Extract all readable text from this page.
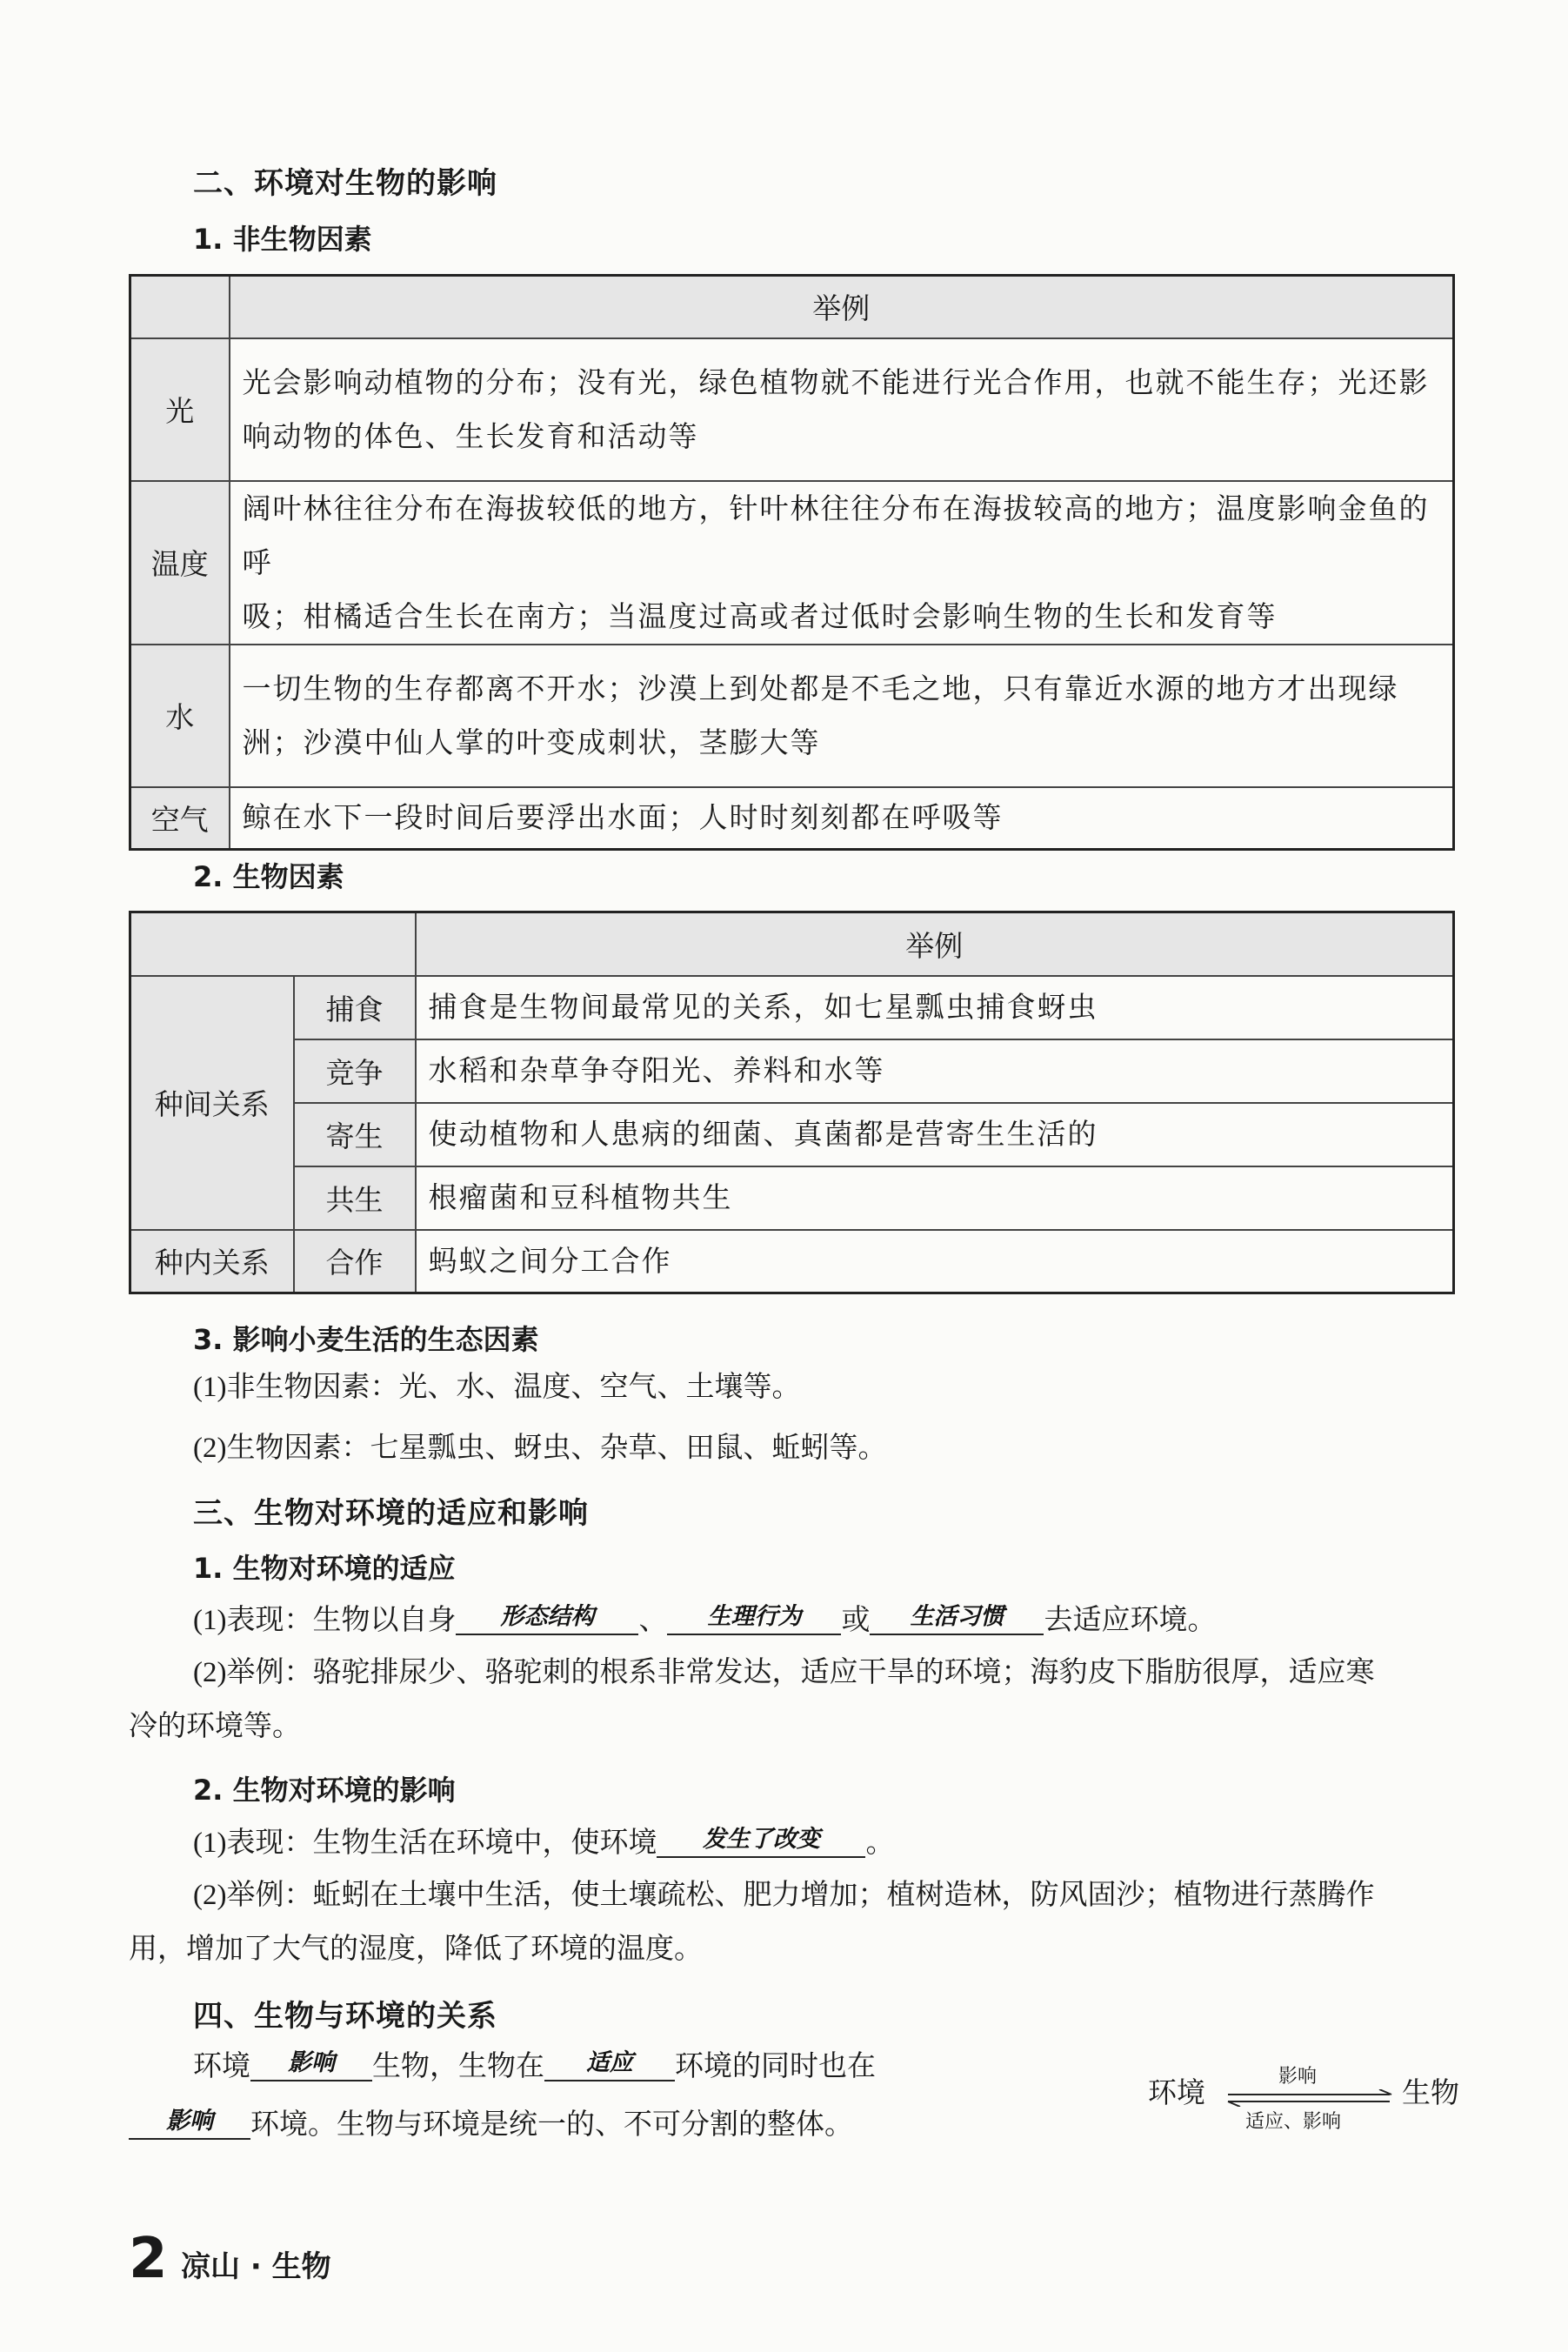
二、环境对生物的影响
1. 非生物因素
	举例
光	光会影响动植物的分布；没有光，绿色植物就不能进行光合作用，也就不能生存；光还影
响动物的体色、生长发育和活动等

温度	阔叶林往往分布在海拔较低的地方，针叶林往往分布在海拔较高的地方；温度影响金鱼的呼
吸；柑橘适合生长在南方；当温度过高或者过低时会影响生物的生长和发育等

水	一切生物的生存都离不开水；沙漠上到处都是不毛之地，只有靠近水源的地方才出现绿
洲；沙漠中仙人掌的叶变成刺状，茎膨大等

空气	鲸在水下一段时间后要浮出水面；人时时刻刻都在呼吸等
2. 生物因素
		举例
种间关系	捕食	捕食是生物间最常见的关系，如七星瓢虫捕食蚜虫
	竞争	水稻和杂草争夺阳光、养料和水等
	寄生	使动植物和人患病的细菌、真菌都是营寄生生活的
	共生	根瘤菌和豆科植物共生
种内关系	合作	蚂蚁之间分工合作
3. 影响小麦生活的生态因素
(1)非生物因素：光、水、温度、空气、土壤等。
(2)生物因素：七星瓢虫、蚜虫、杂草、田鼠、蚯蚓等。
三、生物对环境的适应和影响
1. 生物对环境的适应
(1)表现：生物以自身 形态结构 、 生理行为 或 生活习惯 去适应环境。
(2)举例：骆驼排尿少、骆驼刺的根系非常发达，适应干旱的环境；海豹皮下脂肪很厚，适应寒
冷的环境等。
2. 生物对环境的影响
(1)表现：生物生活在环境中，使环境 发生了改变 。
(2)举例：蚯蚓在土壤中生活，使土壤疏松、肥力增加；植树造林，防风固沙；植物进行蒸腾作
用，增加了大气的湿度，降低了环境的温度。
四、生物与环境的关系
环境 影响 生物，生物在 适应 环境的同时也在
影响 环境。生物与环境是统一的、不可分割的整体。
环境
影响
适应、影响
生物
2 凉山 · 生物
